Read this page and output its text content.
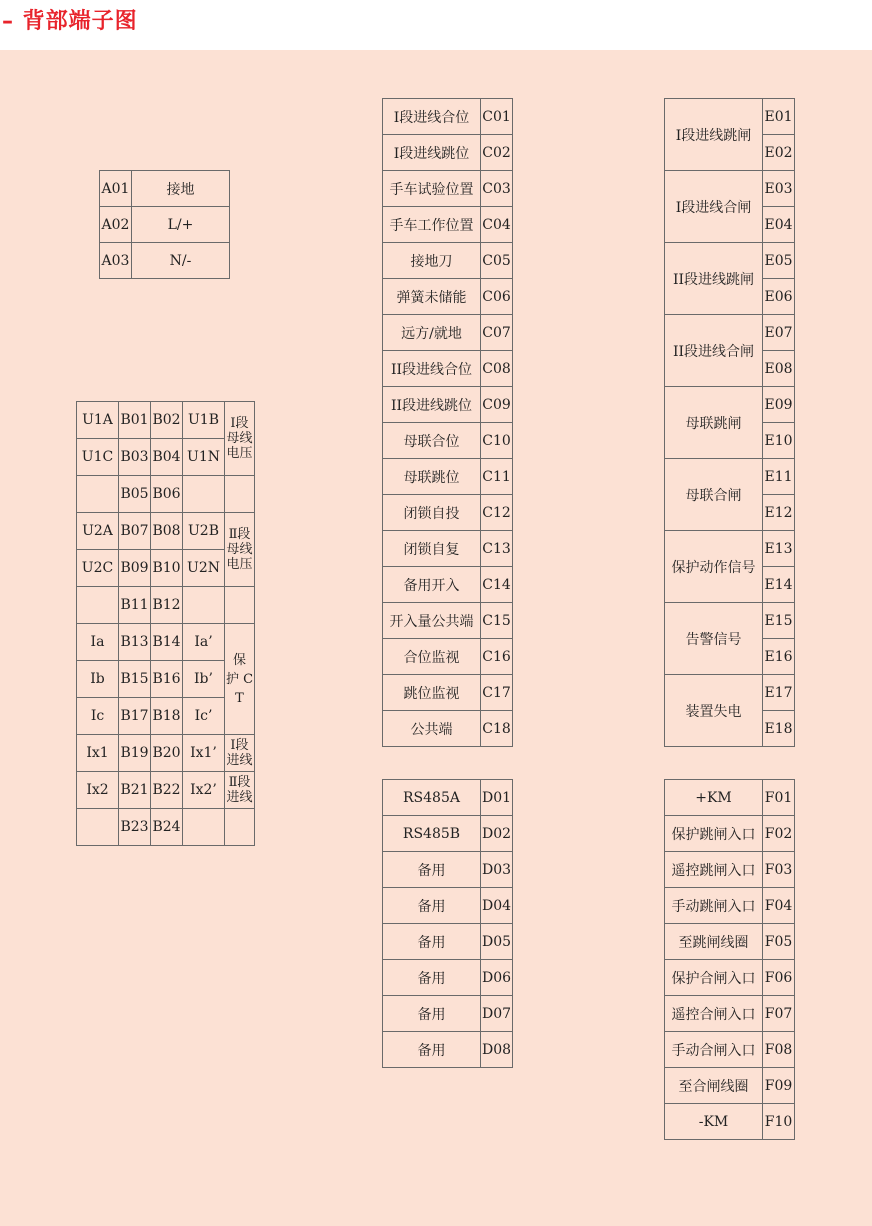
– 背部端子图
A01	接地
A02	L/+
A03	N/-
U1A	B01	B02	U1B	Ⅰ段 母线 电压
U1C	B03	B04	U1N	
	B05	B06		
U2A	B07	B08	U2B	Ⅱ段 母线 电压
U2C	B09	B10	U2N	
	B11	B12		
Ia	B13	B14	Ia’	保 护 CT
Ib	B15	B16	Ib’	
Ic	B17	B18	Ic’	
Ix1	B19	B20	Ix1’	Ⅰ段 进线
Ix2	B21	B22	Ix2’	Ⅱ段 进线
	B23	B24		
I段进线合位	C01
I段进线跳位	C02
手车试验位置	C03
手车工作位置	C04
接地刀	C05
弹簧未储能	C06
远方/就地	C07
II段进线合位	C08
II段进线跳位	C09
母联合位	C10
母联跳位	C11
闭锁自投	C12
闭锁自复	C13
备用开入	C14
开入量公共端	C15
合位监视	C16
跳位监视	C17
公共端	C18
RS485A	D01
RS485B	D02
备用	D03
备用	D04
备用	D05
备用	D06
备用	D07
备用	D08
I段进线跳闸	E01
	E02
I段进线合闸	E03
	E04
II段进线跳闸	E05
	E06
II段进线合闸	E07
	E08
母联跳闸	E09
	E10
母联合闸	E11
	E12
保护动作信号	E13
	E14
告警信号	E15
	E16
装置失电	E17
	E18
+KM	F01
保护跳闸入口	F02
遥控跳闸入口	F03
手动跳闸入口	F04
至跳闸线圈	F05
保护合闸入口	F06
遥控合闸入口	F07
手动合闸入口	F08
至合闸线圈	F09
-KM	F10
